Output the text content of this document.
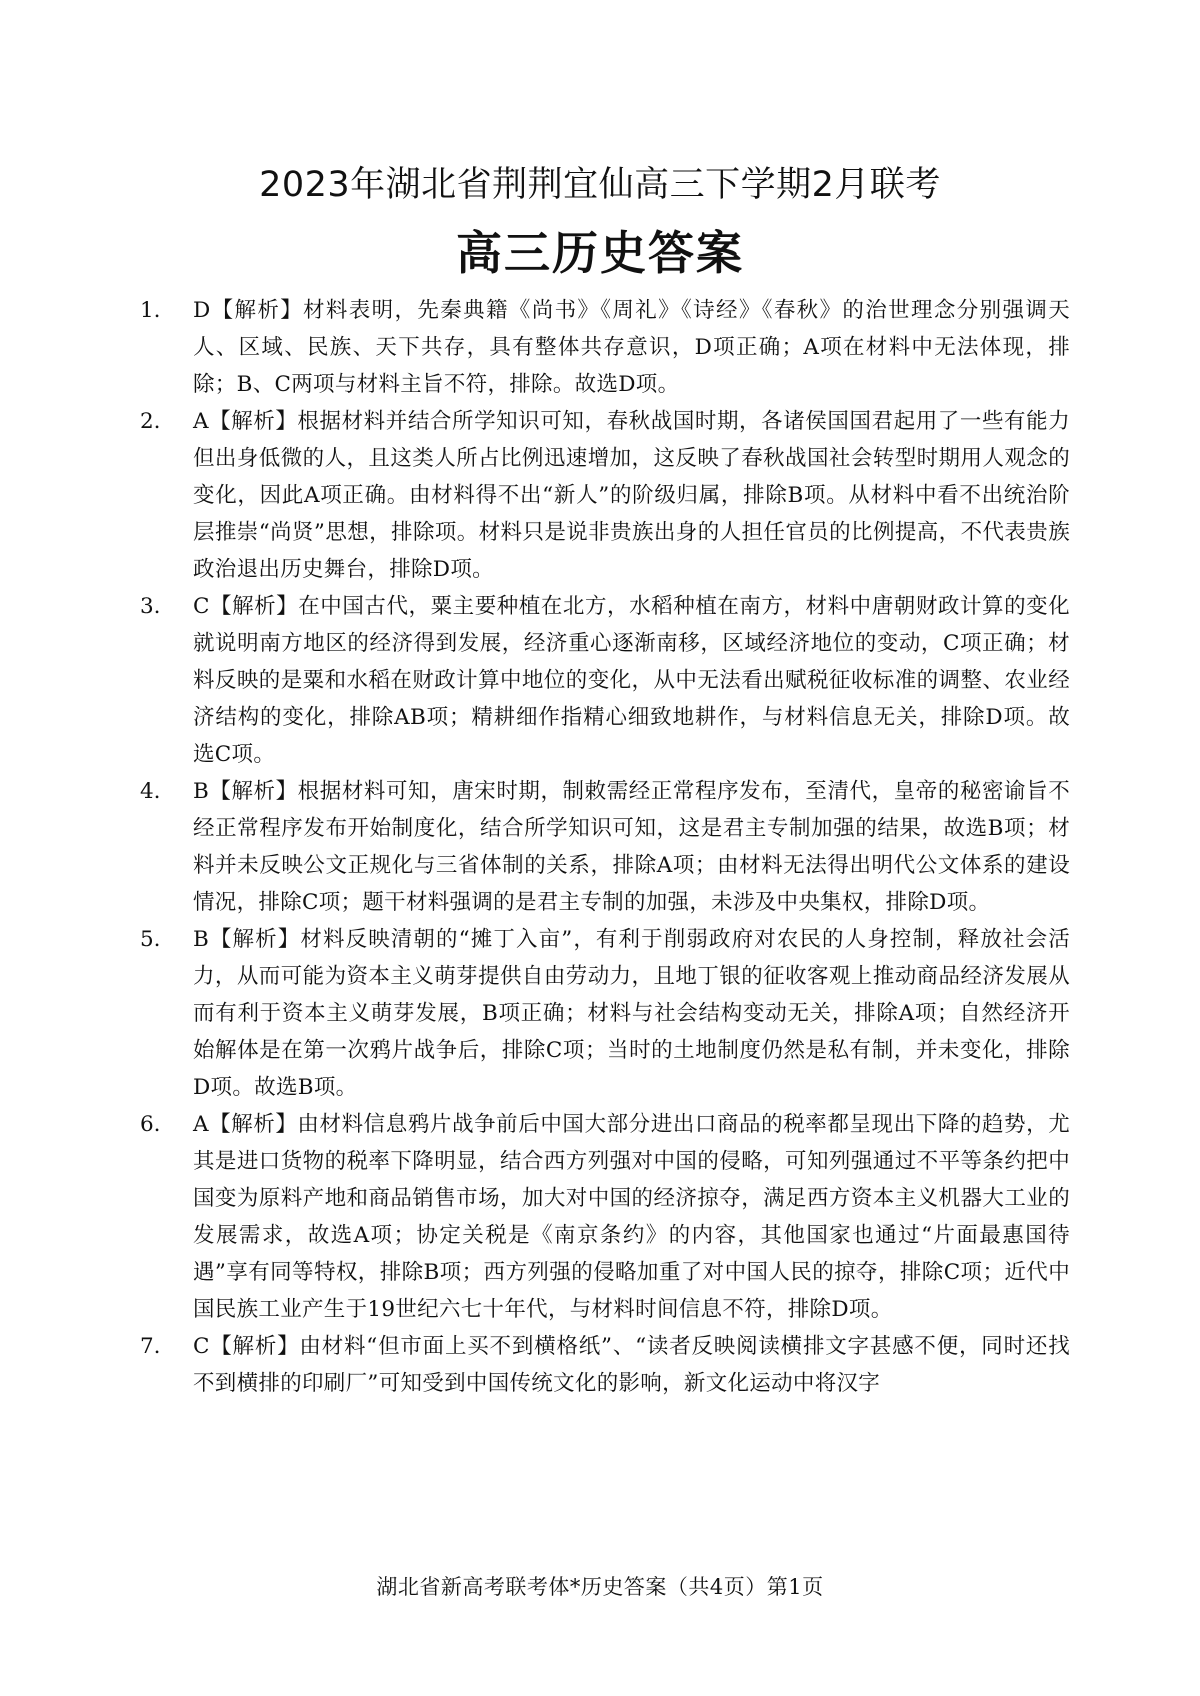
2023年湖北省荆荆宜仙高三下学期2月联考
高三历史答案
1.	D【解析】材料表明，先秦典籍《尚书》《周礼》《诗经》《春秋》的治世理念分别强调天人、区域、民族、天下共存，具有整体共存意识，D项正确；A项在材料中无法体现，排除；B、C两项与材料主旨不符，排除。故选D项。
2.	A【解析】根据材料并结合所学知识可知，春秋战国时期，各诸侯国国君起用了一些有能力但出身低微的人，且这类人所占比例迅速增加，这反映了春秋战国社会转型时期用人观念的变化，因此A项正确。由材料得不出“新人”的阶级归属，排除B项。从材料中看不出统治阶层推崇“尚贤”思想，排除项。材料只是说非贵族出身的人担任官员的比例提高，不代表贵族政治退出历史舞台，排除D项。
3.	C【解析】在中国古代，粟主要种植在北方，水稻种植在南方，材料中唐朝财政计算的变化就说明南方地区的经济得到发展，经济重心逐渐南移，区域经济地位的变动，C项正确；材料反映的是粟和水稻在财政计算中地位的变化，从中无法看出赋税征收标准的调整、农业经济结构的变化，排除AB项；精耕细作指精心细致地耕作，与材料信息无关，排除D项。故选C项。
4.	B【解析】根据材料可知，唐宋时期，制敕需经正常程序发布，至清代，皇帝的秘密谕旨不经正常程序发布开始制度化，结合所学知识可知，这是君主专制加强的结果，故选B项；材料并未反映公文正规化与三省体制的关系，排除A项；由材料无法得出明代公文体系的建设情况，排除C项；题干材料强调的是君主专制的加强，未涉及中央集权，排除D项。
5.	B【解析】材料反映清朝的“摊丁入亩”，有利于削弱政府对农民的人身控制，释放社会活力，从而可能为资本主义萌芽提供自由劳动力，且地丁银的征收客观上推动商品经济发展从而有利于资本主义萌芽发展，B项正确；材料与社会结构变动无关，排除A项；自然经济开始解体是在第一次鸦片战争后，排除C项；当时的土地制度仍然是私有制，并未变化，排除D项。故选B项。
6.	A【解析】由材料信息鸦片战争前后中国大部分进出口商品的税率都呈现出下降的趋势，尤其是进口货物的税率下降明显，结合西方列强对中国的侵略，可知列强通过不平等条约把中国变为原料产地和商品销售市场，加大对中国的经济掠夺，满足西方资本主义机器大工业的发展需求，故选A项；协定关税是《南京条约》的内容，其他国家也通过“片面最惠国待遇”享有同等特权，排除B项；西方列强的侵略加重了对中国人民的掠夺，排除C项；近代中国民族工业产生于19世纪六七十年代，与材料时间信息不符，排除D项。
7.	C【解析】由材料“但市面上买不到横格纸”、“读者反映阅读横排文字甚感不便，同时还找不到横排的印刷厂”可知受到中国传统文化的影响，新文化运动中将汉字
湖北省新高考联考体*历史答案（共4页）第1页
